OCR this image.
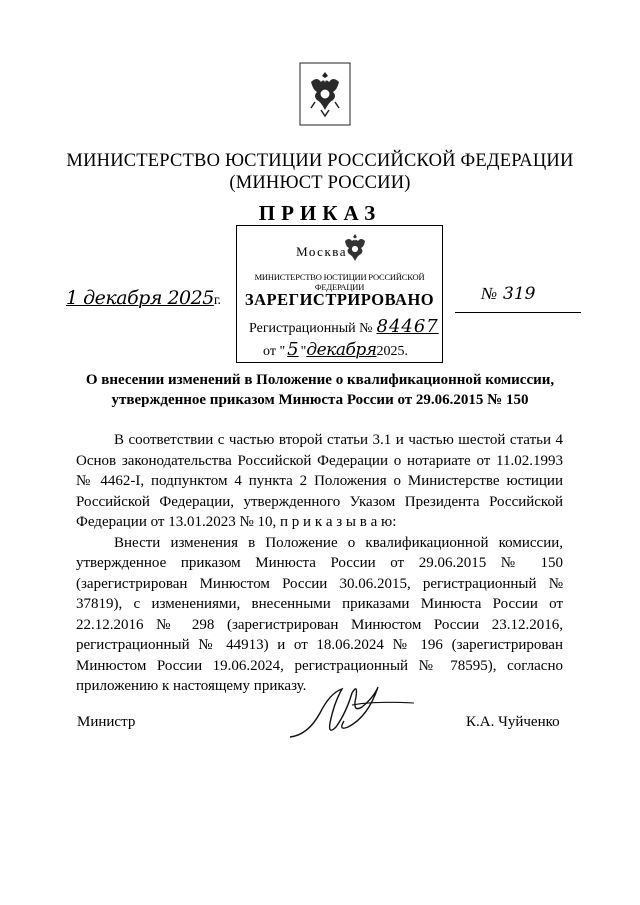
МИНИСТЕРСТВО ЮСТИЦИИ РОССИЙСКОЙ ФЕДЕРАЦИИ
(МИНЮСТ РОССИИ)
ПРИКАЗ
Москва
МИНИСТЕРСТВО ЮСТИЦИИ РОССИЙСКОЙ ФЕДЕРАЦИИ
ЗАРЕГИСТРИРОВАНО
Регистрационный № 84467
от " 5 "декабря2025.
1 декабря 2025г.	№ 319
О внесении изменений в Положение о квалификационной комиссии,
утвержденное приказом Минюста России от 29.06.2015 № 150

В соответствии с частью второй статьи 3.1 и частью шестой статьи 4 Основ законодательства Российской Федерации о нотариате от 11.02.1993 № 4462-I, подпунктом 4 пункта 2 Положения о Министерстве юстиции Российской Федерации, утвержденного Указом Президента Российской Федерации от 13.01.2023 № 10, п р и к а з ы в а ю:

Внести изменения в Положение о квалификационной комиссии, утвержденное приказом Минюста России от 29.06.2015 № 150 (зарегистрирован Минюстом России 30.06.2015, регистрационный № 37819), с изменениями, внесенными приказами Минюста России от 22.12.2016 № 298 (зарегистрирован Минюстом России 23.12.2016, регистрационный № 44913) и от 18.06.2024 № 196 (зарегистрирован Минюстом России 19.06.2024, регистрационный № 78595), согласно приложению к настоящему приказу.

Министр	К.А. Чуйченко
